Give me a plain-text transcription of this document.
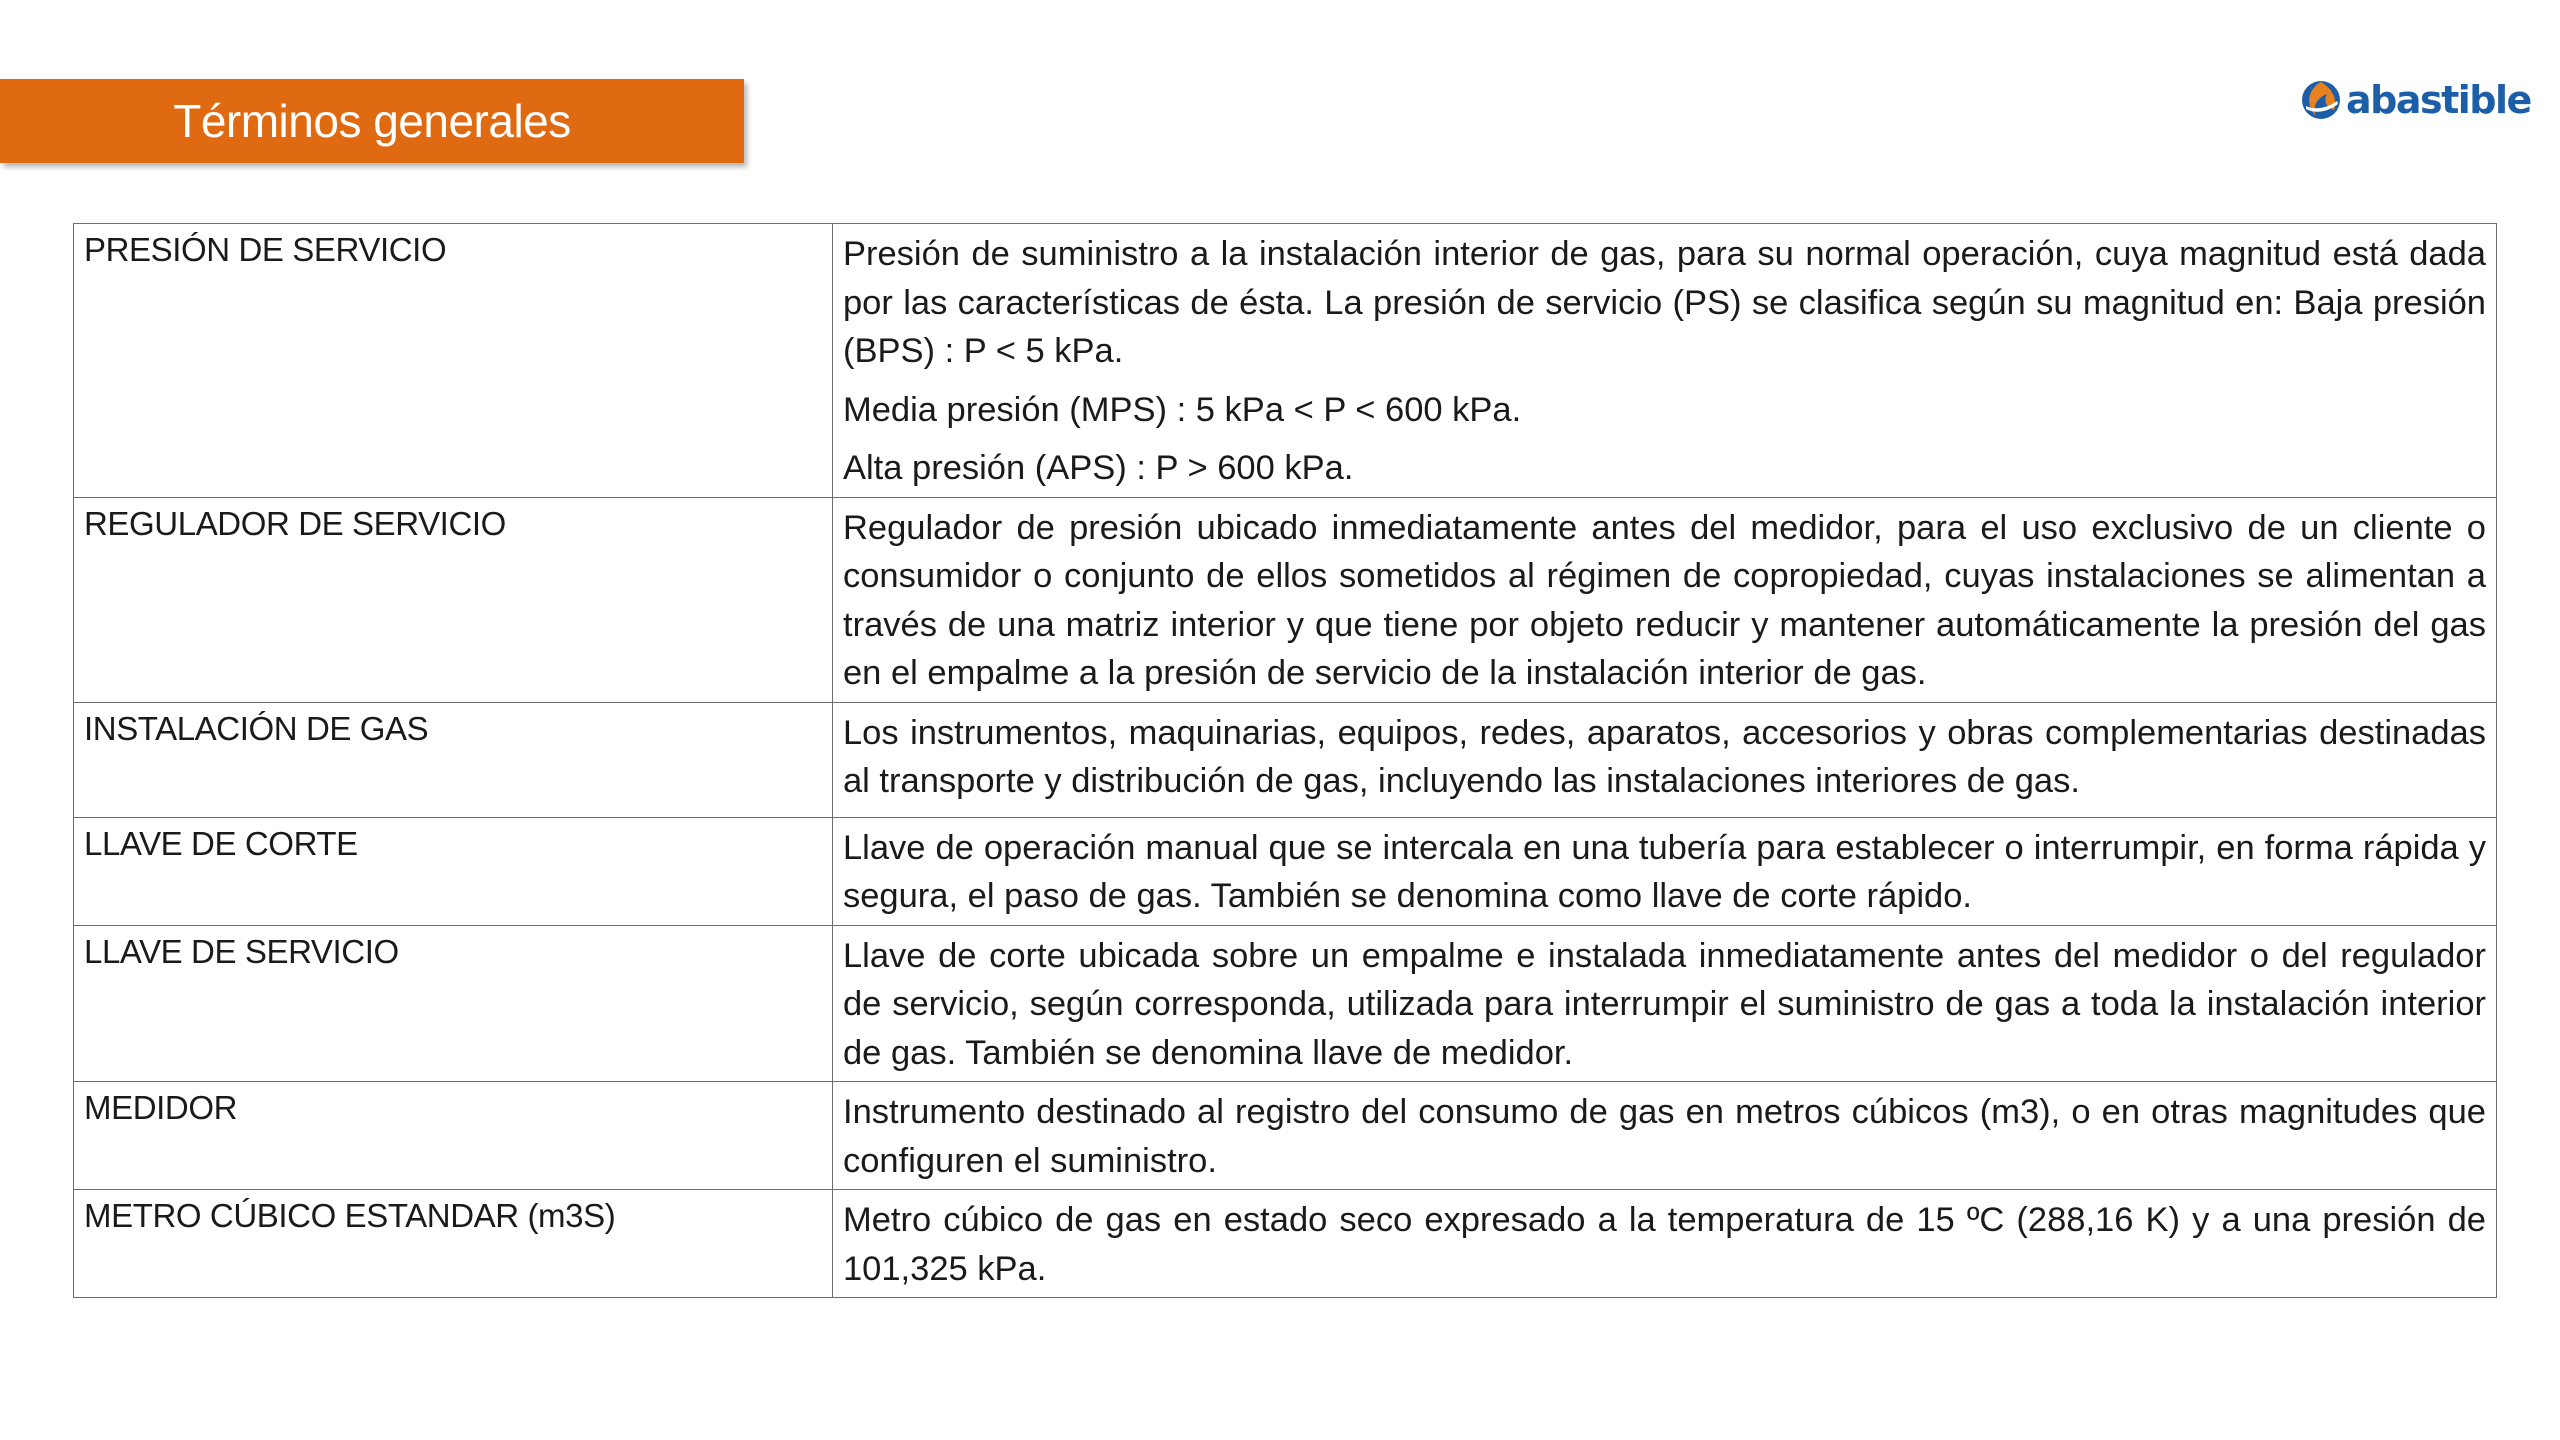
Términos generales	abastible
PRESIÓN DE SERVICIO	Presión de suministro a la instalación interior de gas, para su normal operación, cuya magnitud está dada por las características de ésta. La presión de servicio (PS) se clasifica según su magnitud en: Baja presión (BPS) : P < 5 kPa.

Media presión (MPS) : 5 kPa < P < 600 kPa.

Alta presión (APS) : P > 600 kPa.

REGULADOR DE SERVICIO	Regulador de presión ubicado inmediatamente antes del medidor, para el uso exclusivo de un cliente o consumidor o conjunto de ellos sometidos al régimen de copropiedad, cuyas instalaciones se alimentan a través de una matriz interior y que tiene por objeto reducir y mantener automáticamente la presión del gas en el empalme a la presión de servicio de la instalación interior de gas.

INSTALACIÓN DE GAS	Los instrumentos, maquinarias, equipos, redes, aparatos, accesorios y obras complementarias destinadas al transporte y distribución de gas, incluyendo las instalaciones interiores de gas.

LLAVE DE CORTE	Llave de operación manual que se intercala en una tubería para establecer o interrumpir, en forma rápida y segura, el paso de gas. También se denomina como llave de corte rápido.

LLAVE DE SERVICIO	Llave de corte ubicada sobre un empalme e instalada inmediatamente antes del medidor o del regulador de servicio, según corresponda, utilizada para interrumpir el suministro de gas a toda la instalación interior de gas. También se denomina llave de medidor.

MEDIDOR	Instrumento destinado al registro del consumo de gas en metros cúbicos (m3), o en otras magnitudes que configuren el suministro.

METRO CÚBICO ESTANDAR (m3S)	Metro cúbico de gas en estado seco expresado a la temperatura de 15 ºC (288,16 K) y a una presión de 101,325 kPa.
